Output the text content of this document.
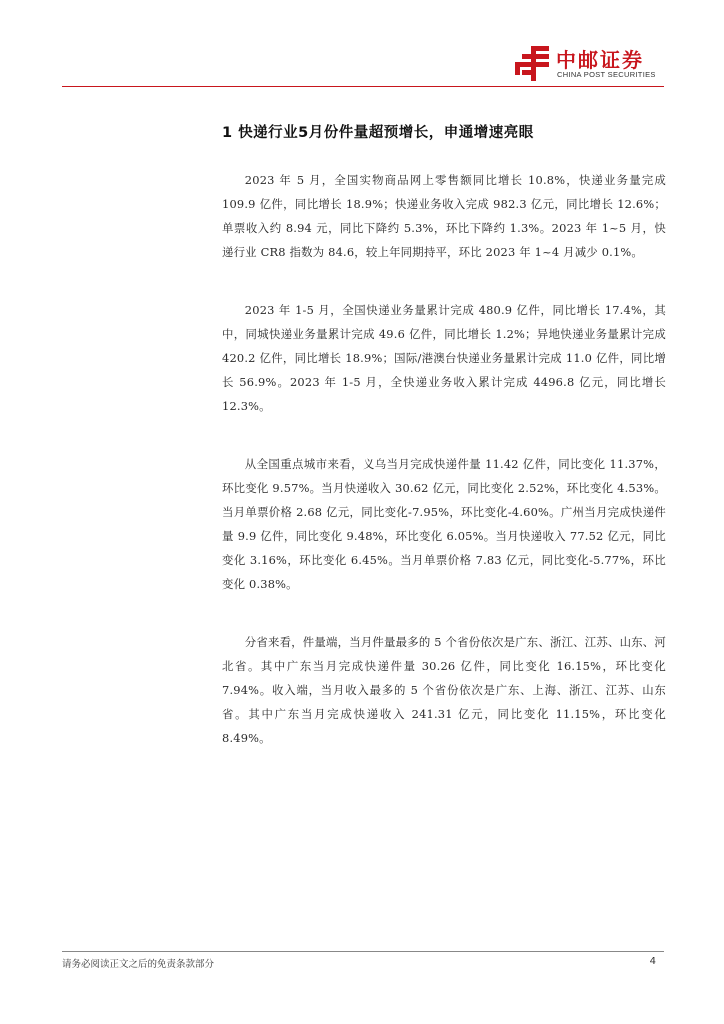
中邮证券
CHINA POST SECURITIES
1 快递行业5月份件量超预增长，申通增速亮眼

2023 年 5 月，全国实物商品网上零售额同比增长 10.8%，快递业务量完成 109.9 亿件，同比增长 18.9%；快递业务收入完成 982.3 亿元，同比增长 12.6%；单票收入约 8.94 元，同比下降约 5.3%，环比下降约 1.3%。2023 年 1~5 月，快递行业 CR8 指数为 84.6，较上年同期持平，环比 2023 年 1~4 月减少 0.1%。

2023 年 1-5 月，全国快递业务量累计完成 480.9 亿件，同比增长 17.4%，其中，同城快递业务量累计完成 49.6 亿件，同比增长 1.2%；异地快递业务量累计完成 420.2 亿件，同比增长 18.9%；国际/港澳台快递业务量累计完成 11.0 亿件，同比增长 56.9%。2023 年 1-5 月，全快递业务收入累计完成 4496.8 亿元，同比增长 12.3%。

从全国重点城市来看，义乌当月完成快递件量 11.42 亿件，同比变化 11.37%，环比变化 9.57%。当月快递收入 30.62 亿元，同比变化 2.52%，环比变化 4.53%。当月单票价格 2.68 亿元，同比变化-7.95%，环比变化-4.60%。广州当月完成快递件量 9.9 亿件，同比变化 9.48%，环比变化 6.05%。当月快递收入 77.52 亿元，同比变化 3.16%，环比变化 6.45%。当月单票价格 7.83 亿元，同比变化-5.77%，环比变化 0.38%。

分省来看，件量端，当月件量最多的 5 个省份依次是广东、浙江、江苏、山东、河北省。其中广东当月完成快递件量 30.26 亿件，同比变化 16.15%，环比变化 7.94%。收入端，当月收入最多的 5 个省份依次是广东、上海、浙江、江苏、山东省。其中广东当月完成快递收入 241.31 亿元，同比变化 11.15%，环比变化 8.49%。

请务必阅读正文之后的免责条款部分	4
